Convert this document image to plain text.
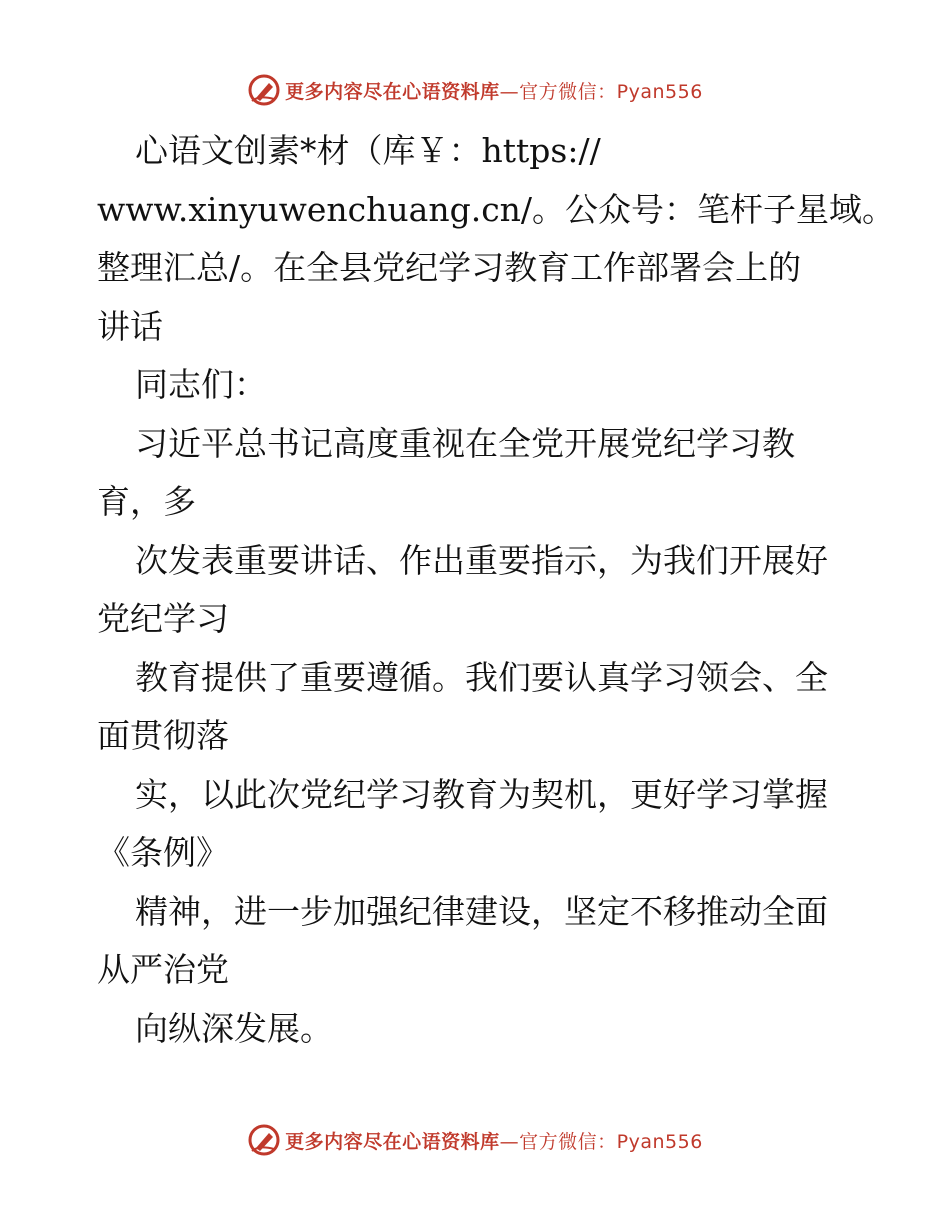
更多内容尽在心语资料库—官方微信：Pyan556
心语文创素*材（库￥：https://
www.xinyuwenchuang.cn/。公众号：笔杆子星域。
整理汇总/。在全县党纪学习教育工作部署会上的
讲话
同志们：
习近平总书记高度重视在全党开展党纪学习教
育，多
次发表重要讲话、作出重要指示，为我们开展好
党纪学习
教育提供了重要遵循。我们要认真学习领会、全
面贯彻落
实，以此次党纪学习教育为契机，更好学习掌握
《条例》
精神，进一步加强纪律建设，坚定不移推动全面
从严治党
向纵深发展。
更多内容尽在心语资料库—官方微信：Pyan556
